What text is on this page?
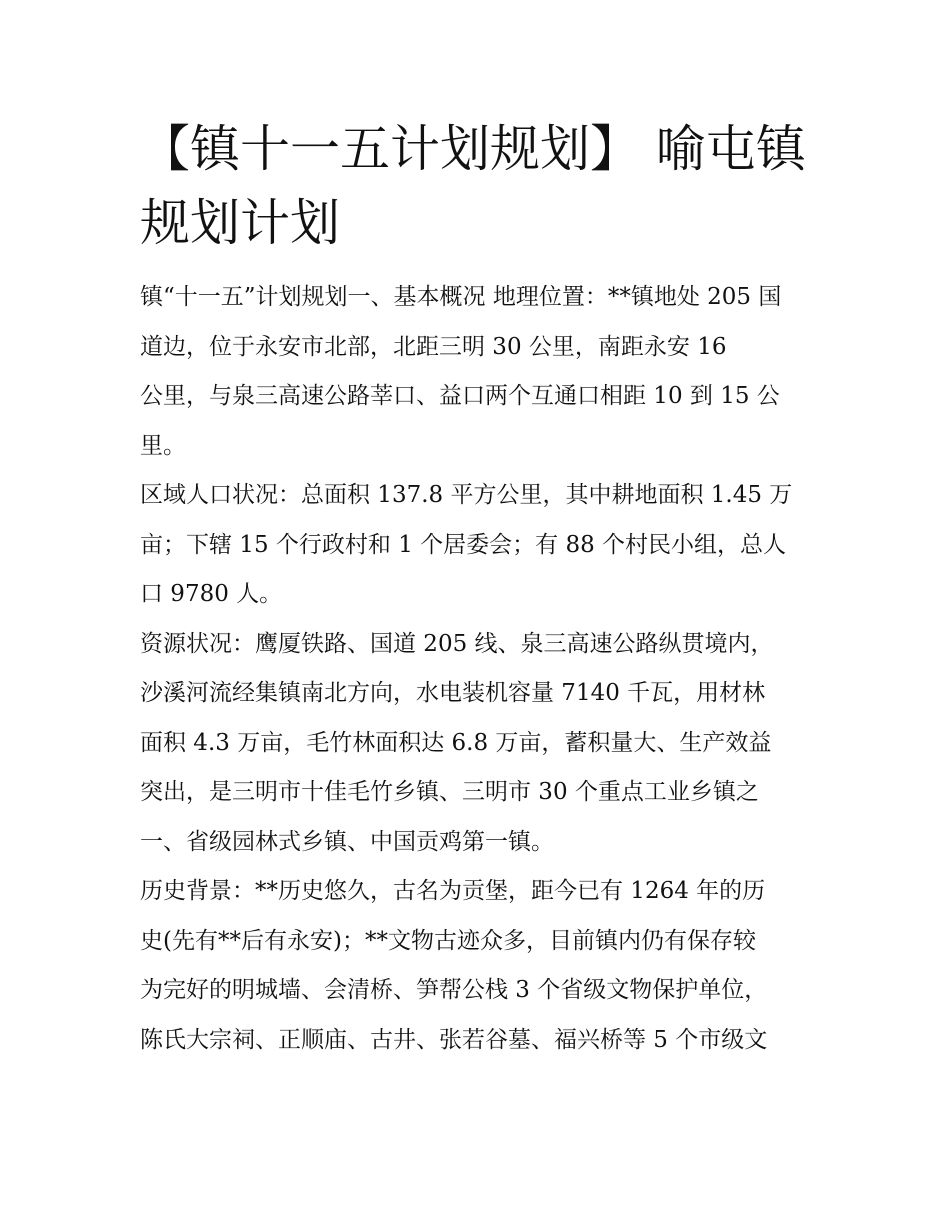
【镇十一五计划规划】 喻屯镇
规划计划

镇“十一五”计划规划一、基本概况 地理位置：**镇地处 205 国
道边，位于永安市北部，北距三明 30 公里，南距永安 16
公里，与泉三高速公路莘口、益口两个互通口相距 10 到 15 公
里。

区域人口状况：总面积 137.8 平方公里，其中耕地面积 1.45 万
亩；下辖 15 个行政村和 1 个居委会；有 88 个村民小组，总人
口 9780 人。

资源状况：鹰厦铁路、国道 205 线、泉三高速公路纵贯境内，
沙溪河流经集镇南北方向，水电装机容量 7140 千瓦，用材林
面积 4.3 万亩，毛竹林面积达 6.8 万亩，蓄积量大、生产效益
突出，是三明市十佳毛竹乡镇、三明市 30 个重点工业乡镇之
一、省级园林式乡镇、中国贡鸡第一镇。

历史背景：**历史悠久，古名为贡堡，距今已有 1264 年的历
史(先有**后有永安)；**文物古迹众多，目前镇内仍有保存较
为完好的明城墙、会清桥、笋帮公栈 3 个省级文物保护单位，
陈氏大宗祠、正顺庙、古井、张若谷墓、福兴桥等 5 个市级文
